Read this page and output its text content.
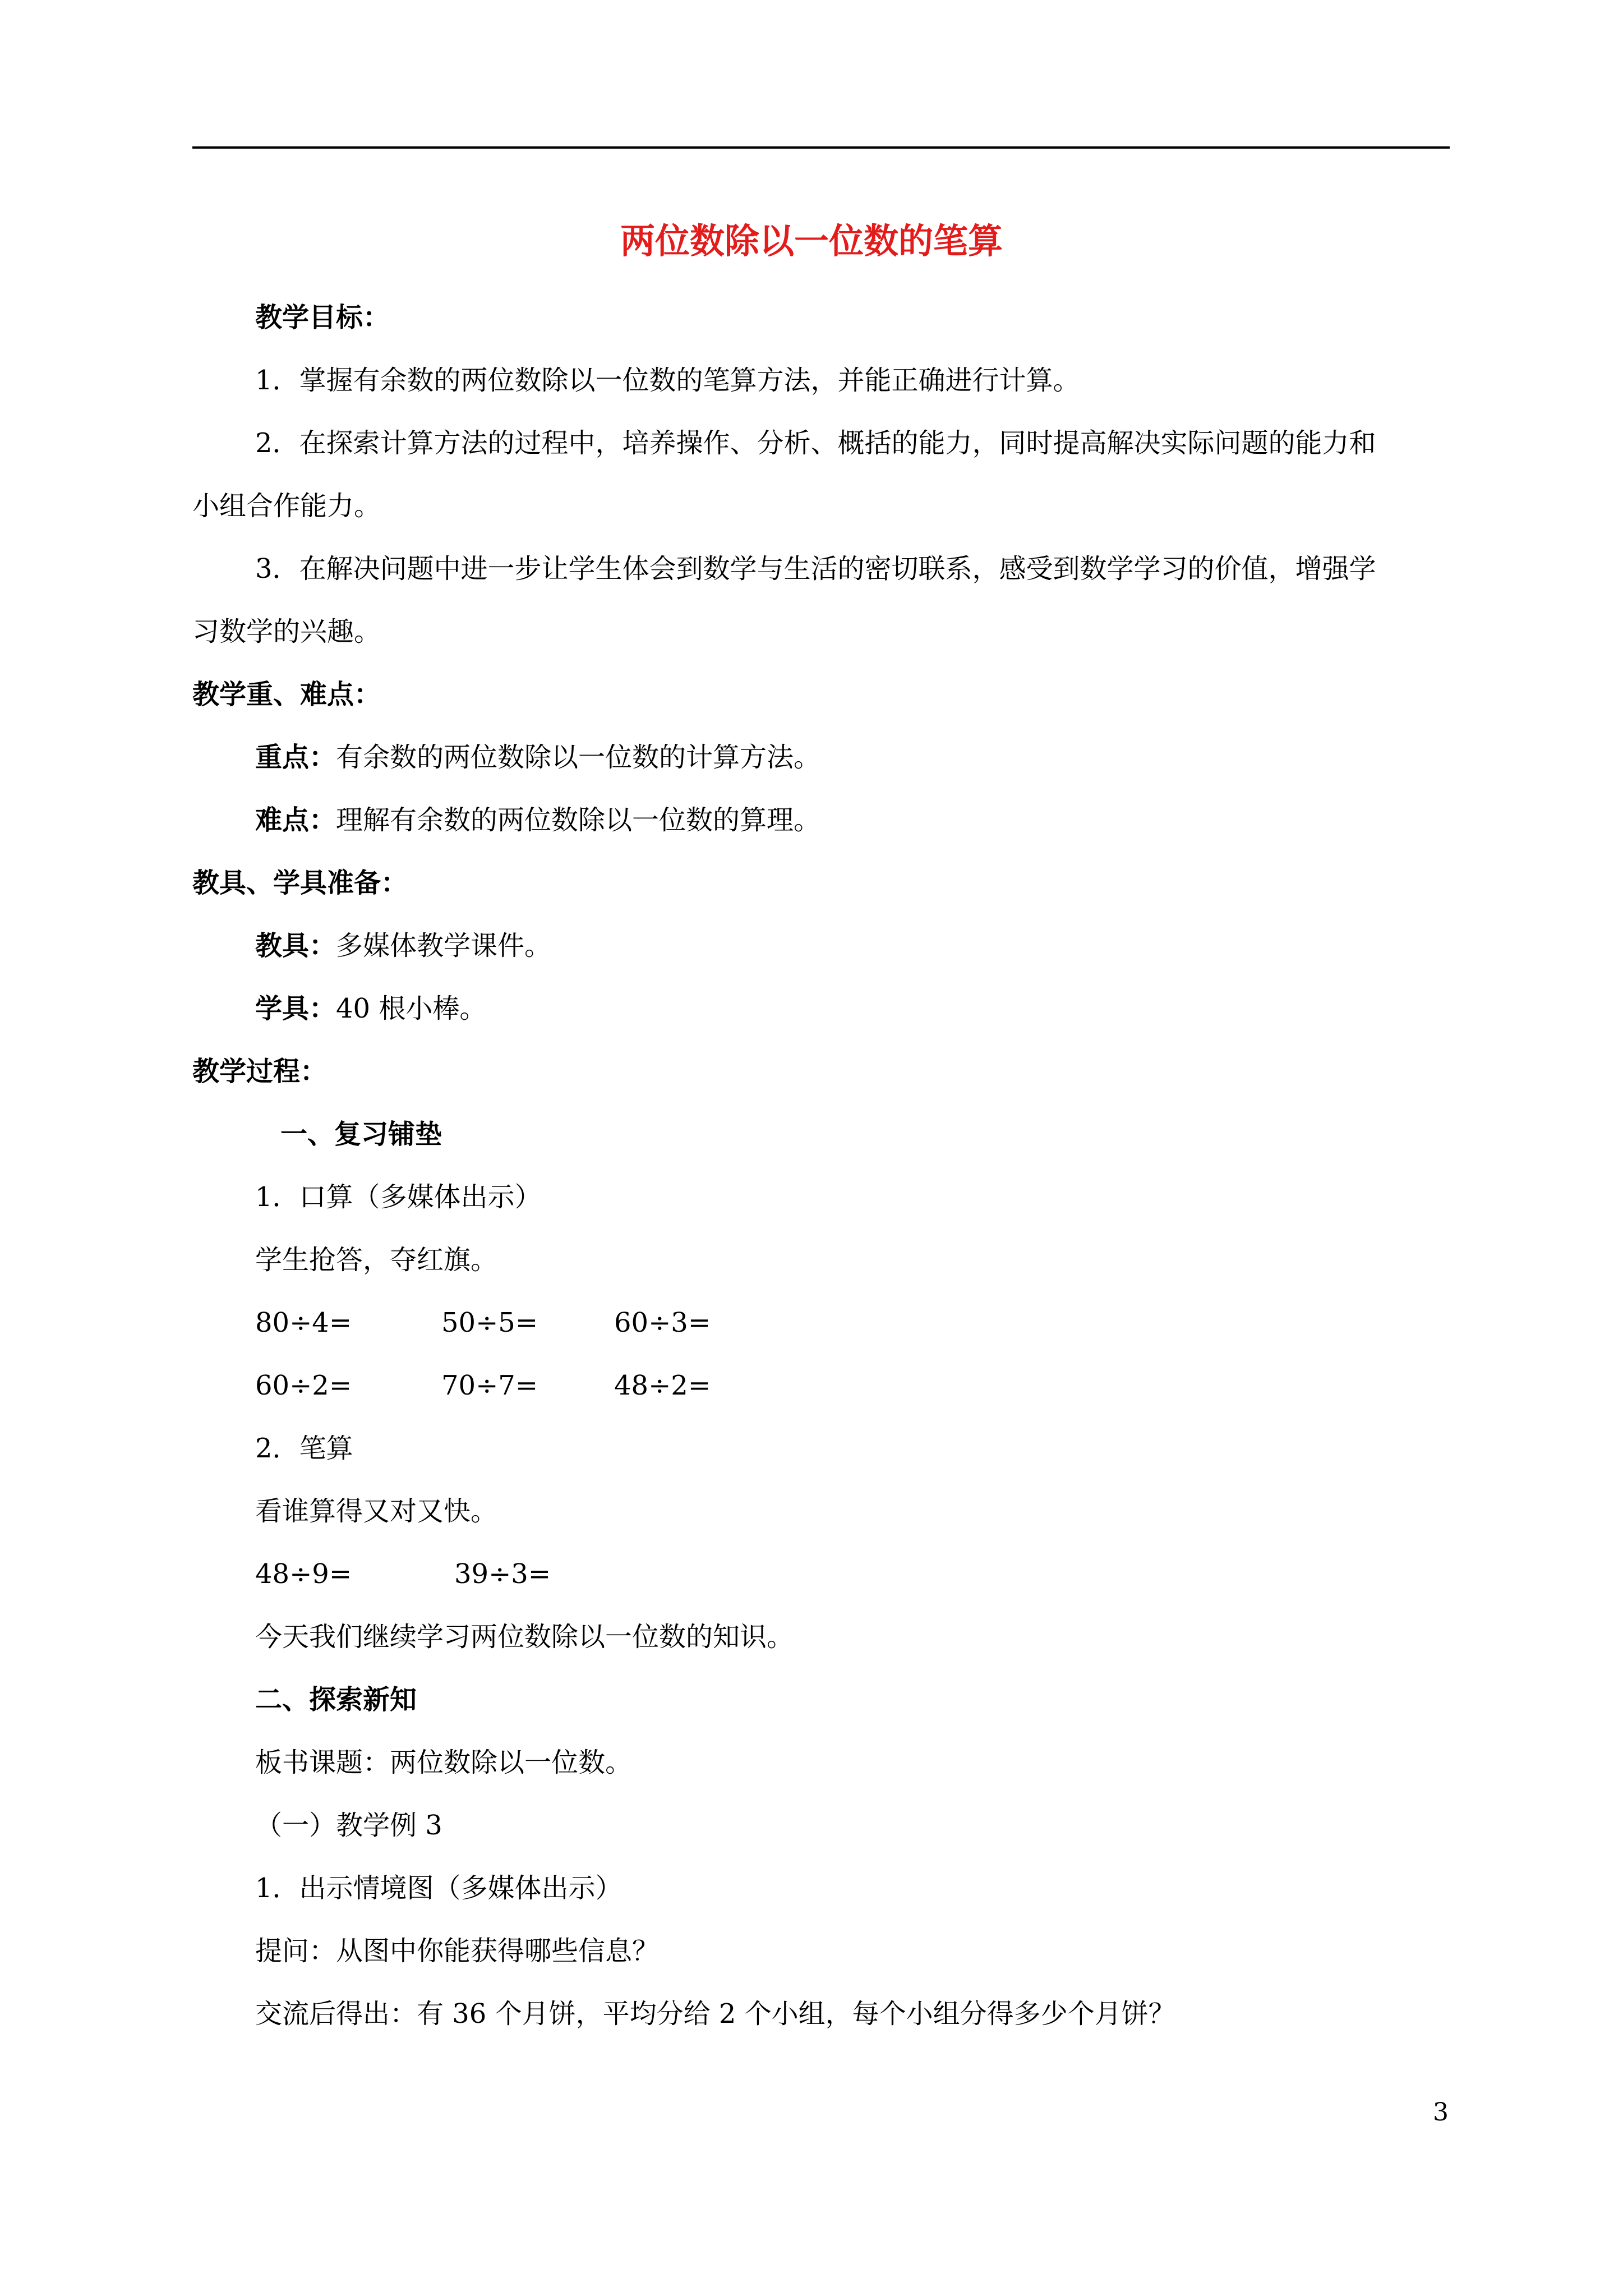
两位数除以一位数的笔算
教学目标：
1．掌握有余数的两位数除以一位数的笔算方法，并能正确进行计算。
2．在探索计算方法的过程中，培养操作、分析、概括的能力，同时提高解决实际问题的能力和
小组合作能力。
3．在解决问题中进一步让学生体会到数学与生活的密切联系，感受到数学学习的价值，增强学
习数学的兴趣。
教学重、难点：
重点：有余数的两位数除以一位数的计算方法。
难点：理解有余数的两位数除以一位数的算理。
教具、学具准备：
教具：多媒体教学课件。
学具：40 根小棒。
教学过程：
一、复习铺垫
1．口算（多媒体出示）
学生抢答，夺红旗。
80÷4=	50÷5=	60÷3=
60÷2=	70÷7=	48÷2=
2．笔算
看谁算得又对又快。
48÷9=	39÷3=
今天我们继续学习两位数除以一位数的知识。
二、探索新知
板书课题：两位数除以一位数。
（一）教学例 3
1．出示情境图（多媒体出示）
提问：从图中你能获得哪些信息？
交流后得出：有 36 个月饼，平均分给 2 个小组，每个小组分得多少个月饼？
3
